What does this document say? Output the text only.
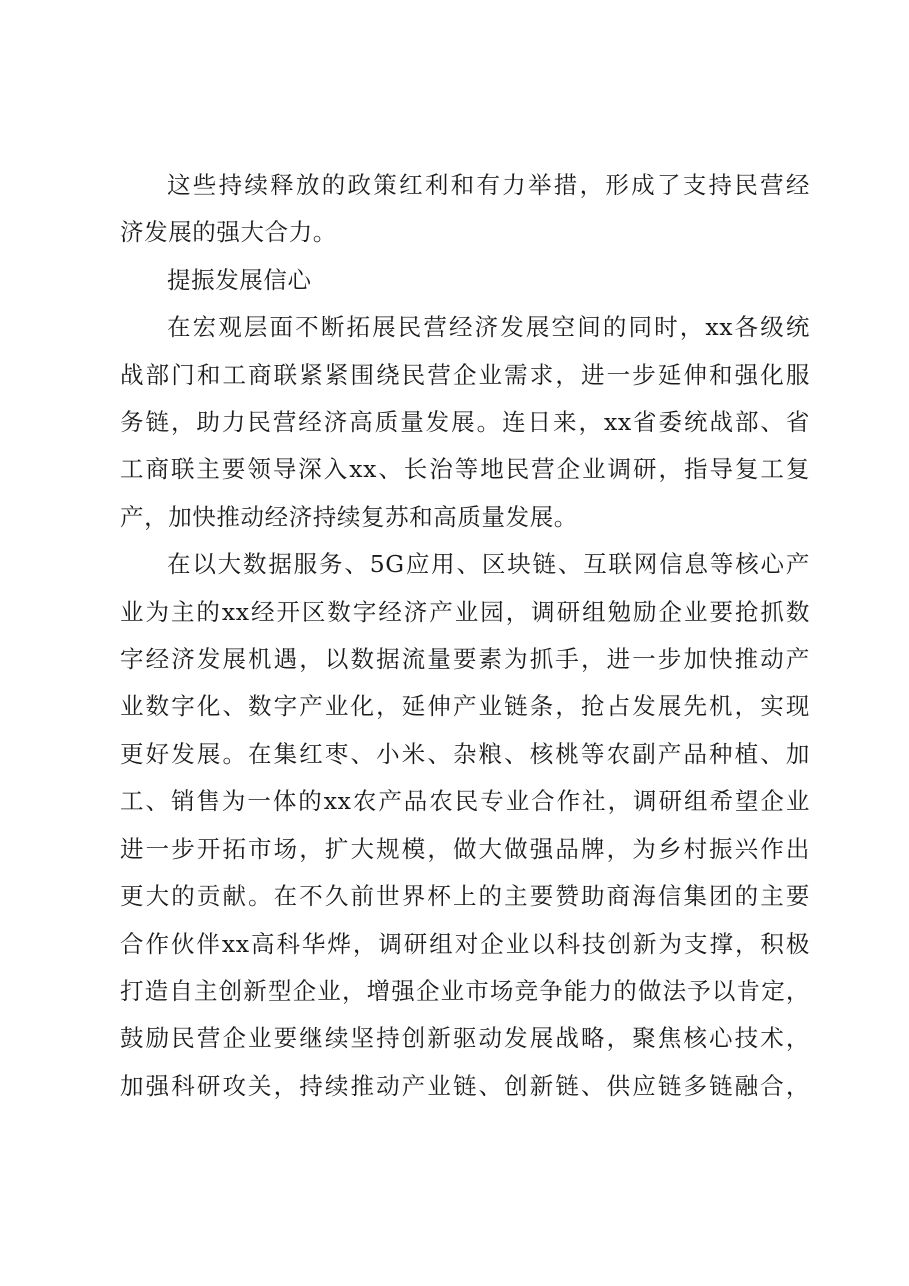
这些持续释放的政策红利和有力举措，形成了支持民营经
济发展的强大合力。
提振发展信心
在宏观层面不断拓展民营经济发展空间的同时，xx各级统
战部门和工商联紧紧围绕民营企业需求，进一步延伸和强化服
务链，助力民营经济高质量发展。连日来，xx省委统战部、省
工商联主要领导深入xx、长治等地民营企业调研，指导复工复
产，加快推动经济持续复苏和高质量发展。
在以大数据服务、5G应用、区块链、互联网信息等核心产
业为主的xx经开区数字经济产业园，调研组勉励企业要抢抓数
字经济发展机遇，以数据流量要素为抓手，进一步加快推动产
业数字化、数字产业化，延伸产业链条，抢占发展先机，实现
更好发展。在集红枣、小米、杂粮、核桃等农副产品种植、加
工、销售为一体的xx农产品农民专业合作社，调研组希望企业
进一步开拓市场，扩大规模，做大做强品牌，为乡村振兴作出
更大的贡献。在不久前世界杯上的主要赞助商海信集团的主要
合作伙伴xx高科华烨，调研组对企业以科技创新为支撑，积极
打造自主创新型企业，增强企业市场竞争能力的做法予以肯定，
鼓励民营企业要继续坚持创新驱动发展战略，聚焦核心技术，
加强科研攻关，持续推动产业链、创新链、供应链多链融合，
